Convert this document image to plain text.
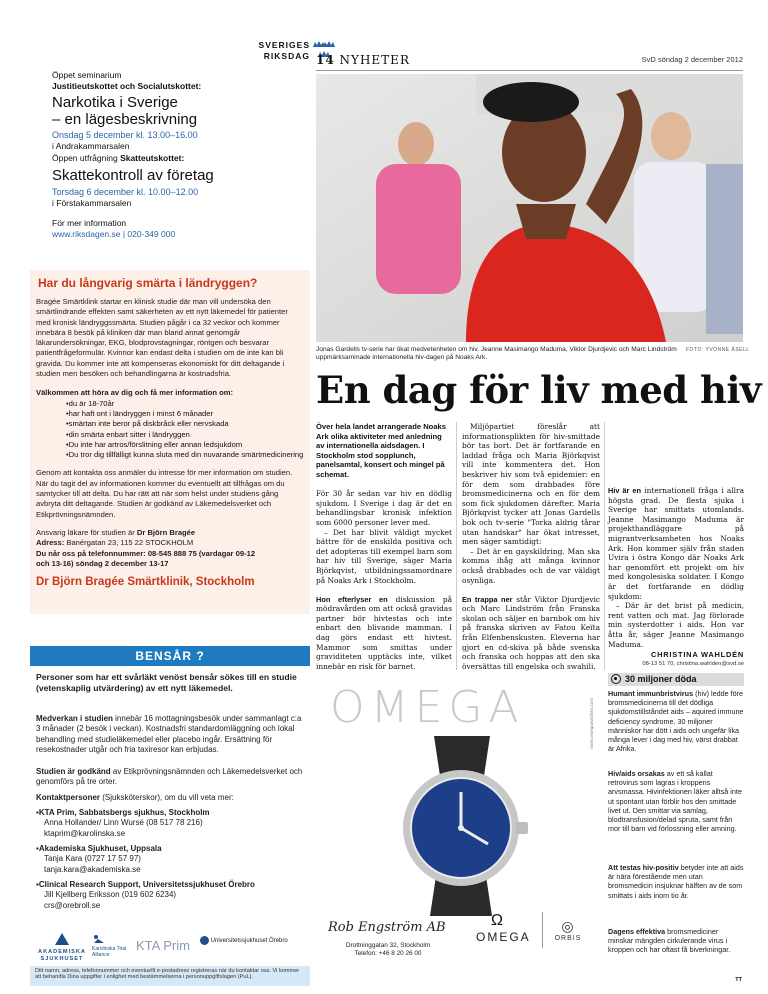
SVERIGES
RIKSDAG
Öppet seminarium
Justitieutskottet och Socialutskottet:
Narkotika i Sverige
– en lägesbeskrivning
Onsdag 5 december kl. 13.00–16.00
i Andrakammarsalen
Öppen utfrågning Skatteutskottet:
Skattekontroll av företag
Torsdag 6 december kl. 10.00–12.00
i Förstakammarsalen
För mer information
www.riksdagen.se | 020-349 000
Har du långvarig smärta i ländryggen?

Bragée Smärtklink startar en klinisk studie där man vill undersöka den smärtlindrande effekten samt säkerheten av ett nytt läkemedel för patienter med kronisk ländryggssmärta. Studien pågår i ca 32 veckor och kommer innebära 8 besök på kliniken där man bland annat genomgår läkarundersökningar, EKG, blodprovstagningar, röntgen och besvarar patientfrågeformulär. Kvinnor kan endast delta i studien om de inte kan bli gravida. Du kommer inte att kompenseras ekonomiskt för ditt deltagande i studien men besöken och behandlingarna är kostnadsfria.

Välkommen att höra av dig och få mer information om:

• du är 18-70år
• har haft ont i ländryggen i minst 6 månader
• smärtan inte beror på diskbråck eller nervskada
• din smärta enbart sitter i ländryggen
• Du inte har artros/förslitning eller annan ledsjukdom
• Du tror dig tillfälligt kunna sluta med din nuvarande smärtmedicinering

Genom att kontakta oss anmäler du intresse för mer information om studien. När du tagit del av informationen kommer du eventuellt att tillfrågas om du samtycker till att delta. Du har rätt att när som helst under studiens gång avbryta ditt deltagande. Studien är godkänd av Läkemedelsverket och Etikprövningsnämnden.

Ansvarig läkare för studien är Dr Björn Bragée

Adress: Banérgatan 23, 115 22 STOCKHOLM

Du når oss på telefonnummer: 08-545 888 75 (vardagar 09-12

och 13-16) söndag 2 december 13-17

Dr Björn Bragée Smärtklinik, Stockholm
BENSÅR ?
Personer som har ett svårläkt venöst bensår sökes till en studie (vetenskaplig utvärdering) av ett nytt läkemedel.
Medverkan i studien innebär 16 mottagningsbesök under sammanlagt c:a 3 månader (2 besök i veckan). Kostnadsfri standardomläggning och lokal behandling med studieläkemedel eller placebo ingår. Ersättning för resekostnader utgår och fria taxiresor kan erbjudas.
Studien är godkänd av Etikprövningsnämnden och Läkemedelsverket och genomförs på tre orter.
Kontaktpersoner (Sjuksköterskor), om du vill veta mer:
▪ KTA Prim, Sabbatsbergs sjukhus, Stockholm
Anna Hollander/ Linn Wursé (08 517 78 216)
ktaprim@karolinska.se
▪ Akademiska Sjukhuset, Uppsala
Tanja Kara (0727 17 57 97)
tanja.kara@akademiska.se
▪ Clinical Research Support, Universitetssjukhuset Örebro
Jill Kjellberg Eriksson (019 602 6234)
crs@orebroll.se
AKADEMISKA SJUKHUSET
Karolinska Trial Alliance
KTA Prim	Universitetssjukhuset Örebro
Ditt namn, adress, telefonnummer och eventuellt e-postadress registreras när du kontaktar oss. Vi kommer att behandla Dina uppgifter i enlighet med bestämmelserna i personuppgiftslagen (PuL).
14 NYHETER	SvD söndag 2 december 2012
Jonas Gardells tv-serie har ökat medvetenheten om hiv. Jeanne Masimango Maduma, Viktor Djurdjevic och Marc Lindström uppmärksammade internationella hiv-dagen på Noaks Ark.
FOTO: YVONNE ÅSELL
En dag för liv med hiv

Över hela landet arrangerade Noaks Ark olika aktiviteter med anledning av internationella aidsdagen. I Stockholm stod sopplunch, panelsamtal, konsert och mingel på schemat.

För 30 år sedan var hiv en dödlig sjukdom. I Sverige i dag är det en behandlingsbar kronisk infektion som 6000 personer lever med.

– Det har blivit väldigt mycket bättre för de enskilda positiva och det adopteras till exempel barn som har hiv till Sverige, säger Maria Björkqvist, utbildningssamordnare på Noaks Ark i Stockholm.

Hon efterlyser en diskussion på mödravården om att också gravidas partner bör hivtestas och inte enbart den blivande mamman. I dag görs endast ett hivtest. Mammor som smittas under graviditeten upptäcks inte, vilket innebär en risk för barnet.

Miljöpartiet föreslår att informationsplikten för hiv-smittade bör tas bort. Det är fortfarande en laddad fråga och Maria Björkqvist vill inte kommentera det. Hon beskriver hiv som två epidemier: en för dem som drabbades före bromsmedicinerna och en för dem som fick sjukdomen därefter. Maria Björkqvist tycker att Jonas Gardells bok och tv-serie "Torka aldrig tårar utan handskar" har ökat intresset, men säger samtidigt:

– Det är en gayskildring. Man ska komma ihåg att många kvinnor också drabbades och de var väldigt osynliga.

En trappa ner står Viktor Djurdjevic och Marc Lindström från Franska skolan och säljer en barnbok om hiv på franska skriven av Fatou Keïta från Elfenbenskusten. Eleverna har gjort en cd-skiva på både svenska och franska och hoppas att den ska översättas till engelska och swahili.

Hiv är en internationell fråga i allra högsta grad. De flesta sjuka i Sverige har smittats utomlands. Jeanne Masimango Maduma är projekthandläggare på migrantverksamheten hos Noaks Ark. Hon kommer själv från staden Uvira i östra Kongo där Noaks Ark har genomfört ett projekt om hiv med kongolesiska soldater. I Kongo är det fortfarande en dödlig sjukdom:

– Där är det brist på medicin, rent vatten och mat. Jag förlorade min systerdotter i aids. Hon var åtta år, säger Jeanne Masimango Maduma.

CHRISTINA WAHLDÉN
08-13 51 70, christina.wahlden@svd.se
30 miljoner döda
Humant immunbristvirus (hiv) ledde före bromsmedicinerna till det dödliga sjukdomstillståndet aids – aquired immune deficiency syndrome. 30 miljoner människor har dött i aids och ungefär lika många lever i dag med hiv, värst drabbat är Afrika.
Hiv/aids orsakas av ett så kallat retrovirus som lagras i kroppens arvsmassa. Hivinfektionen läker alltså inte ut spontant utan förblir hos den smittade livet ut. Den smittar via samlag, blodtransfusion/delad spruta, samt från mor till barn vid förlossning eller amning.
Att testas hiv-positiv betyder inte att aids är nära förestående men utan bromsmedicin insjuknar hälften av de som smittats i aids inom tio år.
Dagens effektiva bromsmediciner minskar mängden cirkulerande virus i kroppen och har oftast få biverkningar.
TT
OMEGA	www.omegawatches.com
Rob Engström AB
Drottninggatan 32, Stockholm
Telefon: +46 8 20 26 00
Ω
OMEGA
◎
ORBIS
